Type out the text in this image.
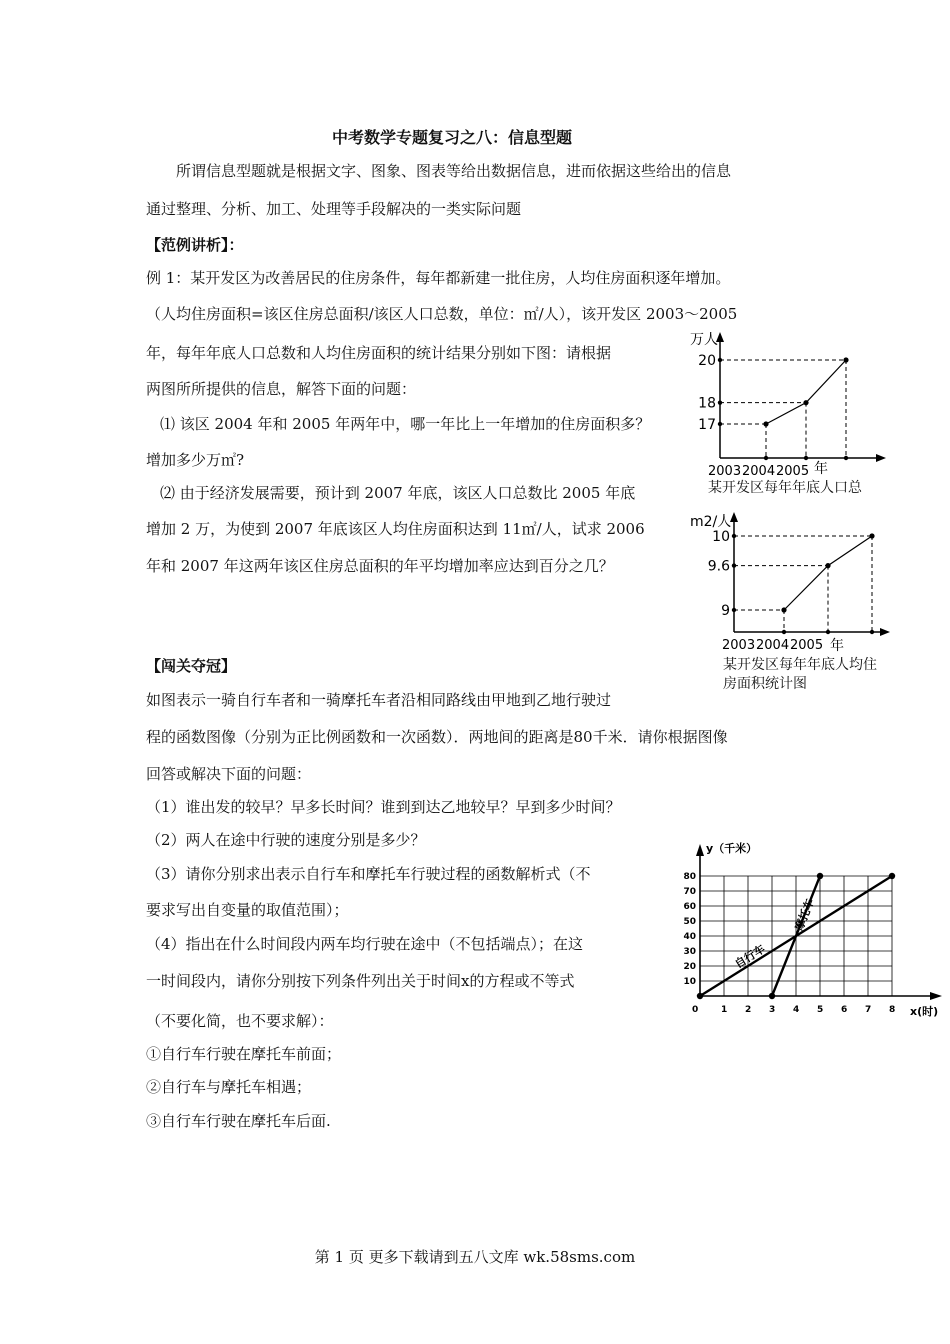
中考数学专题复习之八：信息型题
所谓信息型题就是根据文字、图象、图表等给出数据信息，进而依据这些给出的信息
通过整理、分析、加工、处理等手段解决的一类实际问题
【范例讲析】：
例 1：某开发区为改善居民的住房条件，每年都新建一批住房，人均住房面积逐年增加。
（人均住房面积=该区住房总面积/该区人口总数，单位：㎡/人），该开发区 2003～2005
年，每年年底人口总数和人均住房面积的统计结果分别如下图：请根据
两图所所提供的信息，解答下面的问题：
⑴ 该区 2004 年和 2005 年两年中，哪一年比上一年增加的住房面积多？
增加多少万㎡?
⑵ 由于经济发展需要，预计到 2007 年底，该区人口总数比 2005 年底
增加 2 万，为使到 2007 年底该区人均住房面积达到 11㎡/人，试求 2006
年和 2007 年这两年该区住房总面积的年平均增加率应达到百分之几？
万人
17
18
20
2003 2004 2005 年
某开发区每年年底人口总
m2/人
9
9.6
10
2003 2004 2005 年
某开发区每年年底人均住
房面积统计图
【闯关夺冠】
如图表示一骑自行车者和一骑摩托车者沿相同路线由甲地到乙地行驶过
程的函数图像（分别为正比例函数和一次函数）．两地间的距离是80千米．请你根据图像
回答或解决下面的问题：
（1）谁出发的较早？早多长时间？谁到到达乙地较早？早到多少时间？
（2）两人在途中行驶的速度分别是多少？
（3）请你分别求出表示自行车和摩托车行驶过程的函数解析式（不
要求写出自变量的取值范围）；
（4）指出在什么时间段内两车均行驶在途中（不包括端点）；在这
一时间段内，请你分别按下列条件列出关于时间x的方程或不等式
（不要化简，也不要求解）：
①自行车行驶在摩托车前面；
②自行车与摩托车相遇；
③自行车行驶在摩托车后面.
y（千米）
x(时)
10
20
30
40
50
60
70
80
0	1 2 3 4 5 6 7 8
自行车
摩托车
第 1 页 更多下载请到五八文库 wk.58sms.com
